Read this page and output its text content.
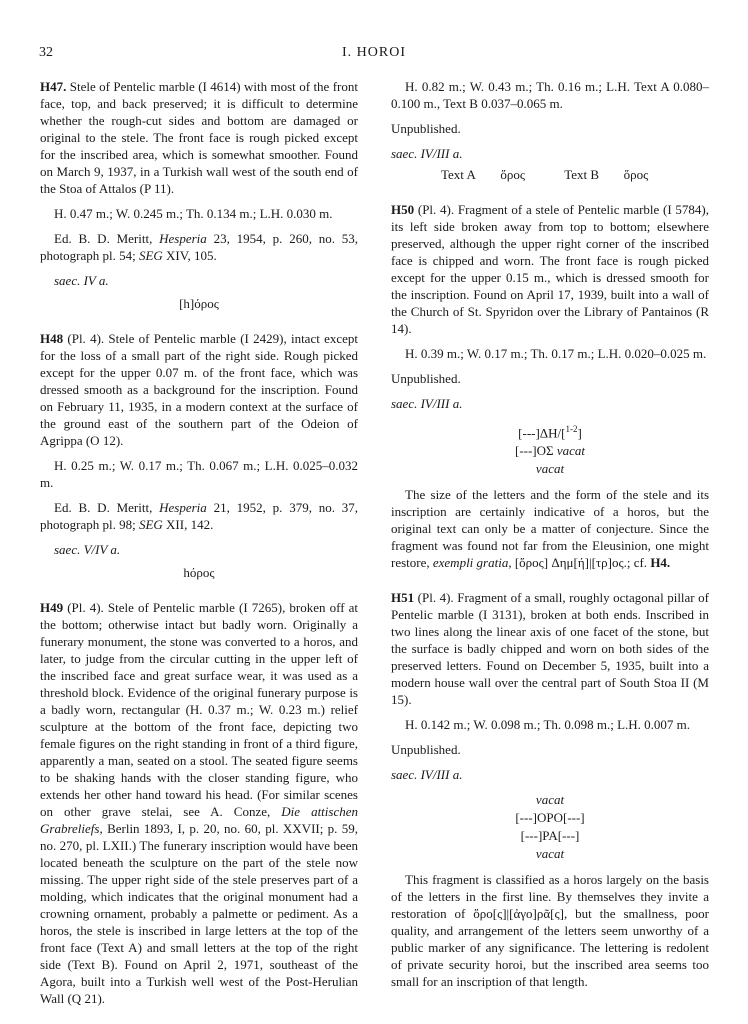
32	I. HOROI

H47. Stele of Pentelic marble (I 4614) with most of the front face, top, and back preserved; it is difficult to determine whether the rough-cut sides and bottom are damaged or original to the stele. The front face is rough picked except for the inscribed area, which is somewhat smoother. Found on March 9, 1937, in a Turkish wall west of the south end of the Stoa of Attalos (P 11).

H. 0.47 m.; W. 0.245 m.; Th. 0.134 m.; L.H. 0.030 m.

Ed. B. D. Meritt, Hesperia 23, 1954, p. 260, no. 53, photograph pl. 54; SEG XIV, 105.

saec. IV a.
[h]όρος

H48 (Pl. 4). Stele of Pentelic marble (I 2429), intact except for the loss of a small part of the right side. Rough picked except for the upper 0.07 m. of the front face, which was dressed smooth as a background for the inscription. Found on February 11, 1935, in a modern context at the surface of the ground east of the southern part of the Odeion of Agrippa (O 12).

H. 0.25 m.; W. 0.17 m.; Th. 0.067 m.; L.H. 0.025–0.032 m.

Ed. B. D. Meritt, Hesperia 21, 1952, p. 379, no. 37, photograph pl. 98; SEG XII, 142.

saec. V/IV a.
hόρος

H49 (Pl. 4). Stele of Pentelic marble (I 7265), broken off at the bottom; otherwise intact but badly worn. Originally a funerary monument, the stone was converted to a horos, and later, to judge from the circular cutting in the upper left of the inscribed face and great surface wear, it was used as a threshold block. Evidence of the original funerary purpose is a badly worn, rectangular (H. 0.37 m.; W. 0.23 m.) relief sculpture at the bottom of the front face, depicting two female figures on the right standing in front of a third figure, apparently a man, seated on a stool. The seated figure seems to be shaking hands with the closer standing figure, who extends her other hand toward his head. (For similar scenes on other grave stelai, see A. Conze, Die attischen Grabreliefs, Berlin 1893, I, p. 20, no. 60, pl. XXVII; p. 59, no. 270, pl. LXII.) The funerary inscription would have been located beneath the sculpture on the part of the stele now missing. The upper right side of the stele preserves part of a molding, which indicates that the original monument had a crowning ornament, probably a palmette or pediment. As a horos, the stele is inscribed in large letters at the top of the front face (Text A) and small letters at the top of the right side (Text B). Found on April 2, 1971, southeast of the Agora, built into a Turkish well west of the Post-Herulian Wall (Q 21).

H. 0.82 m.; W. 0.43 m.; Th. 0.16 m.; L.H. Text A 0.080–0.100 m., Text B 0.037–0.065 m.

Unpublished.

saec. IV/III a.
Text A ὅρος	Text B ὅρος

H50 (Pl. 4). Fragment of a stele of Pentelic marble (I 5784), its left side broken away from top to bottom; elsewhere preserved, although the upper right corner of the inscribed face is chipped and worn. The front face is rough picked except for the upper 0.15 m., which is dressed smooth for the inscription. Found on April 17, 1939, built into a wall of the Church of St. Spyridon over the Library of Pantainos (R 14).

H. 0.39 m.; W. 0.17 m.; Th. 0.17 m.; L.H. 0.020–0.025 m.

Unpublished.

saec. IV/III a.
[---]ΔΗ/[$^{1-2}$]
[---]ΟΣ vacat
vacat

The size of the letters and the form of the stele and its inscription are certainly indicative of a horos, but the original text can only be a matter of conjecture. Since the fragment was found not far from the Eleusinion, one might restore, exempli gratia, [ὅρος] Δημ[ή]|[τρ]ος.; cf. H4.

H51 (Pl. 4). Fragment of a small, roughly octagonal pillar of Pentelic marble (I 3131), broken at both ends. Inscribed in two lines along the linear axis of one facet of the stone, but the surface is badly chipped and worn on both sides of the preserved letters. Found on December 5, 1935, built into a modern house wall over the central part of South Stoa II (M 15).

H. 0.142 m.; W. 0.098 m.; Th. 0.098 m.; L.H. 0.007 m.

Unpublished.

saec. IV/III a.
vacat
[---]ΟΡΟ[---]
[---]ΡΑ[---]
vacat

This fragment is classified as a horos largely on the basis of the letters in the first line. By themselves they invite a restoration of ὅρο[ς]|[ἀγο]ρᾶ[ς], but the smallness, poor quality, and arrangement of the letters seem unworthy of a public marker of any significance. The lettering is redolent of private security horoi, but the inscribed area seems too small for an inscription of that length.
